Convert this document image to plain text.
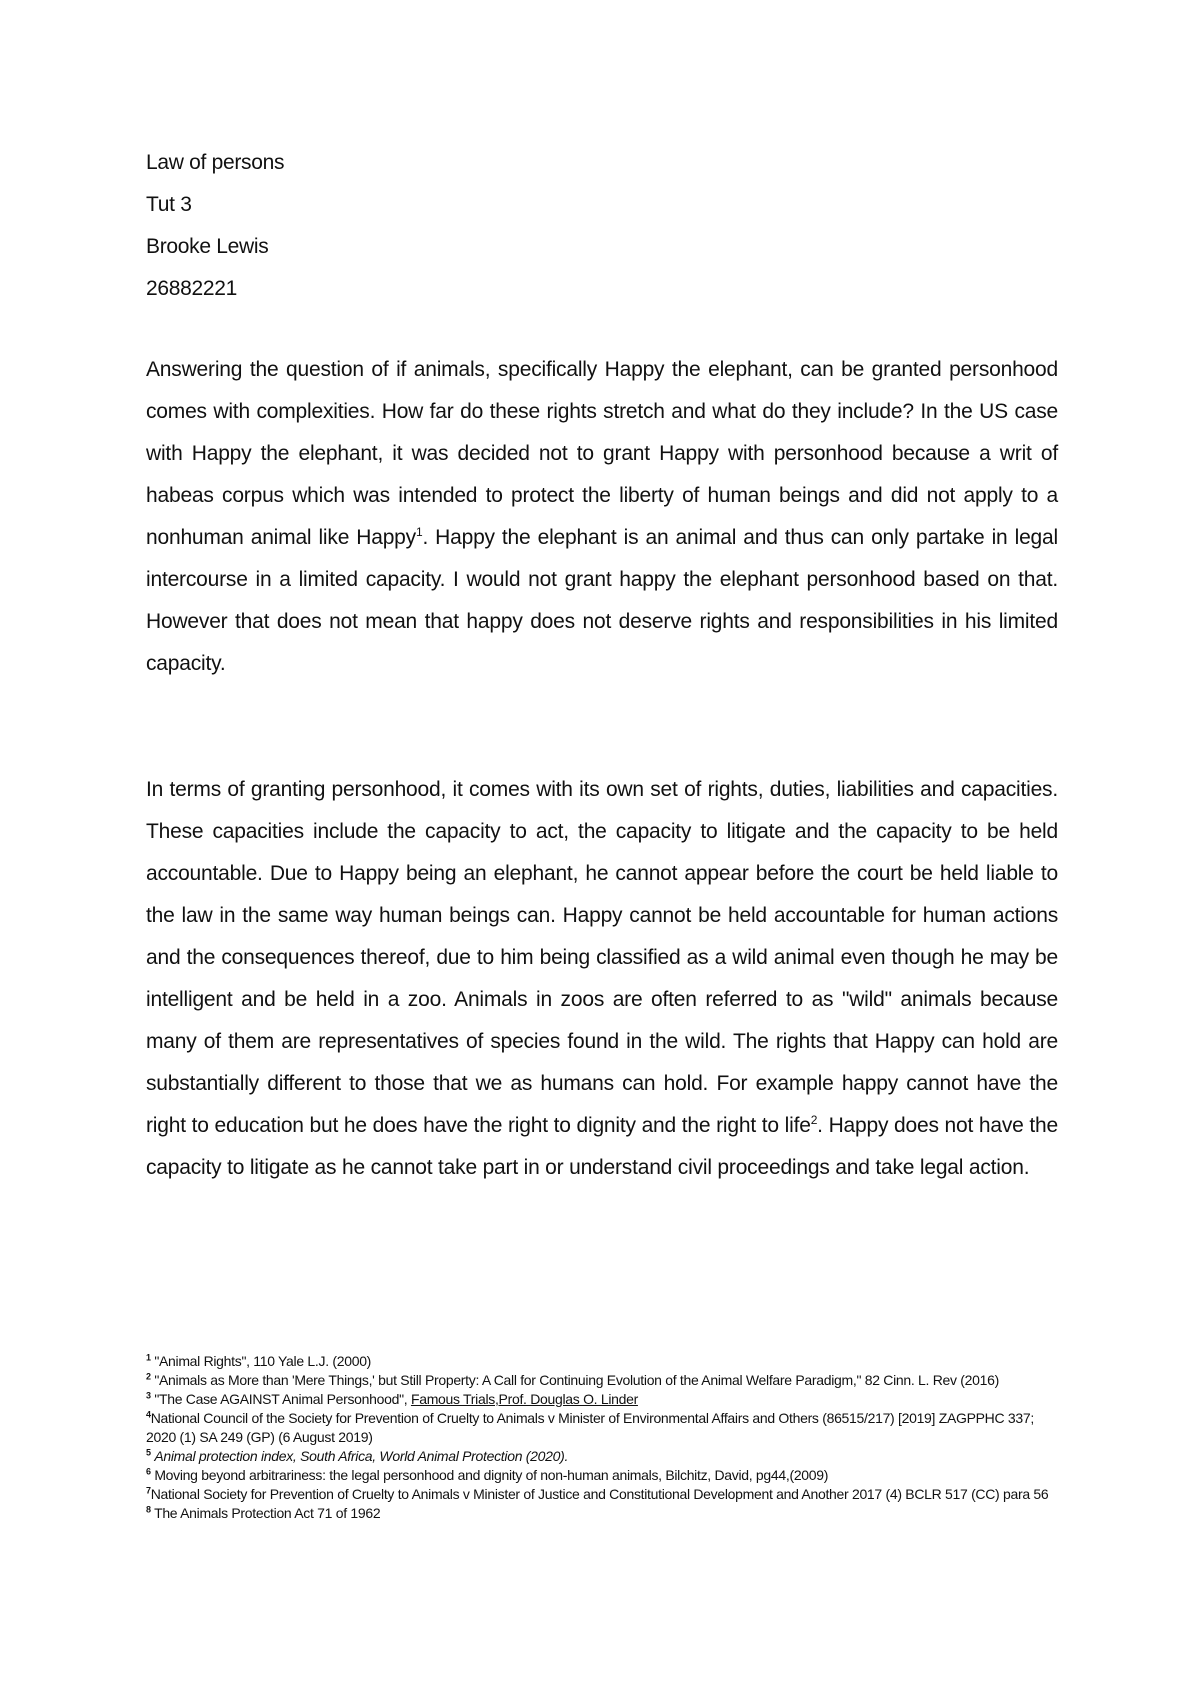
Law of persons
Tut 3
Brooke Lewis
26882221

Answering the question of if animals, specifically Happy the elephant, can be granted personhood comes with complexities. How far do these rights stretch and what do they include? In the US case with Happy the elephant, it was decided not to grant Happy with personhood because a writ of habeas corpus which was intended to protect the liberty of human beings and did not apply to a nonhuman animal like Happy$^1$. Happy the elephant is an animal and thus can only partake in legal intercourse in a limited capacity. I would not grant happy the elephant personhood based on that. However that does not mean that happy does not deserve rights and responsibilities in his limited capacity.

In terms of granting personhood, it comes with its own set of rights, duties, liabilities and capacities. These capacities include the capacity to act, the capacity to litigate and the capacity to be held accountable. Due to Happy being an elephant, he cannot appear before the court be held liable to the law in the same way human beings can. Happy cannot be held accountable for human actions and the consequences thereof, due to him being classified as a wild animal even though he may be intelligent and be held in a zoo. Animals in zoos are often referred to as "wild" animals because many of them are representatives of species found in the wild. The rights that Happy can hold are substantially different to those that we as humans can hold. For example happy cannot have the right to education but he does have the right to dignity and the right to life$^2$. Happy does not have the capacity to litigate as he cannot take part in or understand civil proceedings and take legal action.

$^1$ "Animal Rights", 110 Yale L.J. (2000)

$^2$ "Animals as More than 'Mere Things,' but Still Property: A Call for Continuing Evolution of the Animal Welfare Paradigm," 82 Cinn. L. Rev (2016)

$^3$ "The Case AGAINST Animal Personhood", Famous Trials,Prof. Douglas O. Linder

$^4$National Council of the Society for Prevention of Cruelty to Animals v Minister of Environmental Affairs and Others (86515/217) [2019] ZAGPPHC 337; 2020 (1) SA 249 (GP) (6 August 2019)

$^5$ Animal protection index, South Africa, World Animal Protection (2020).

$^6$ Moving beyond arbitrariness: the legal personhood and dignity of non-human animals, Bilchitz, David, pg44,(2009)

$^7$National Society for Prevention of Cruelty to Animals v Minister of Justice and Constitutional Development and Another 2017 (4) BCLR 517 (CC) para 56

$^8$ The Animals Protection Act 71 of 1962
